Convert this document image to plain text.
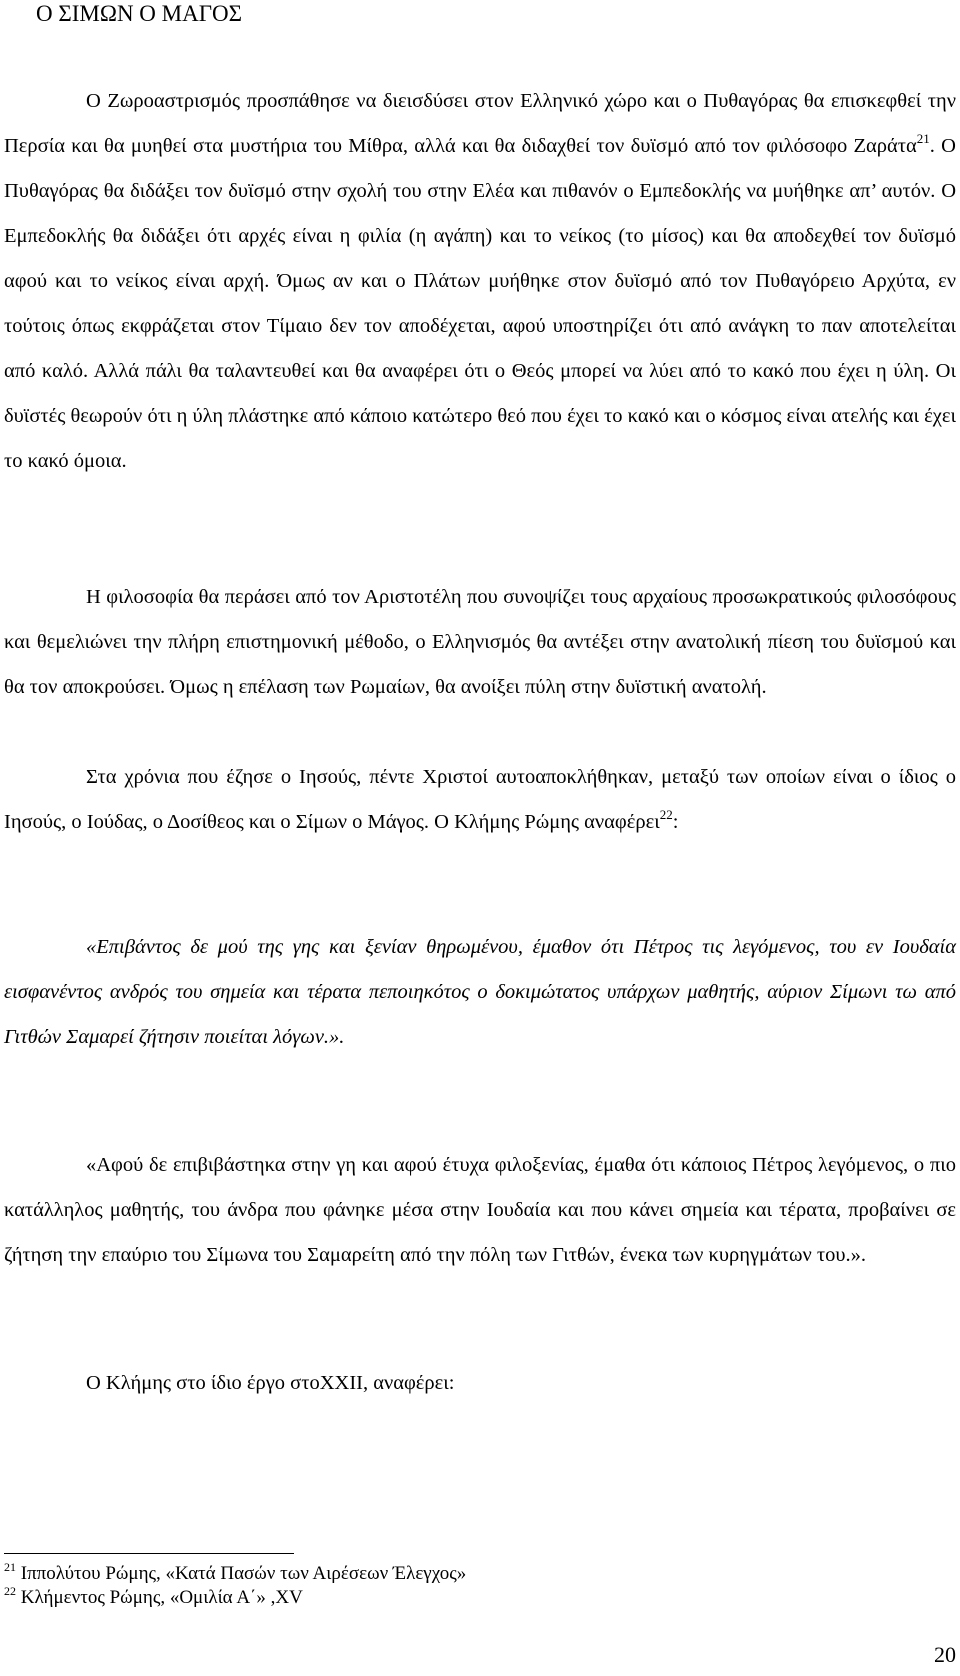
Ο ΣΙΜΩΝ Ο ΜΑΓΟΣ

Ο Ζωροαστρισμός προσπάθησε να διεισδύσει στον Ελληνικό χώρο και ο Πυθαγόρας θα επισκεφθεί την Περσία και θα μυηθεί στα μυστήρια του Μίθρα, αλλά και θα διδαχθεί τον δυϊσμό από τον φιλόσοφο Ζαράτα$^{21}$. Ο Πυθαγόρας θα διδάξει τον δυϊσμό στην σχολή του στην Ελέα και πιθανόν ο Εμπεδοκλής να μυήθηκε απ’ αυτόν. Ο Εμπεδοκλής θα διδάξει ότι αρχές είναι η φιλία (η αγάπη) και το νείκος (το μίσος) και θα αποδεχθεί τον δυϊσμό αφού και το νείκος είναι αρχή. Όμως αν και ο Πλάτων μυήθηκε στον δυϊσμό από τον Πυθαγόρειο Αρχύτα, εν τούτοις όπως εκφράζεται στον Τίμαιο δεν τον αποδέχεται, αφού υποστηρίζει ότι από ανάγκη το παν αποτελείται από καλό. Αλλά πάλι θα ταλαντευθεί και θα αναφέρει ότι ο Θεός μπορεί να λύει από το κακό που έχει η ύλη. Οι δυϊστές θεωρούν ότι η ύλη πλάστηκε από κάποιο κατώτερο θεό που έχει το κακό και ο κόσμος είναι ατελής και έχει το κακό όμοια.

Η φιλοσοφία θα περάσει από τον Αριστοτέλη που συνοψίζει τους αρχαίους προσωκρατικούς φιλοσόφους και θεμελιώνει την πλήρη επιστημονική μέθοδο, ο Ελληνισμός θα αντέξει στην ανατολική πίεση του δυϊσμού και θα τον αποκρούσει. Όμως η επέλαση των Ρωμαίων, θα ανοίξει πύλη στην δυϊστική ανατολή.

Στα χρόνια που έζησε ο Ιησούς, πέντε Χριστοί αυτοαποκλήθηκαν, μεταξύ των οποίων είναι ο ίδιος ο Ιησούς, ο Ιούδας, ο Δοσίθεος και ο Σίμων ο Μάγος. Ο Κλήμης Ρώμης αναφέρει$^{22}$:

«Επιβάντος δε μού της γης και ξενίαν θηρωμένου, έμαθον ότι Πέτρος τις λεγόμενος, του εν Ιουδαία εισφανέντος ανδρός του σημεία και τέρατα πεποιηκότος ο δοκιμώτατος υπάρχων μαθητής, αύριον Σίμωνι τω από Γιτθών Σαμαρεί ζήτησιν ποιείται λόγων.».

«Αφού δε επιβιβάστηκα στην γη και αφού έτυχα φιλοξενίας, έμαθα ότι κάποιος Πέτρος λεγόμενος, ο πιο κατάλληλος μαθητής, του άνδρα που φάνηκε μέσα στην Ιουδαία και που κάνει σημεία και τέρατα, προβαίνει σε ζήτηση την επαύριο του Σίμωνα του Σαμαρείτη από την πόλη των Γιτθών, ένεκα των κυρηγμάτων του.».

Ο Κλήμης στο ίδιο έργο στοXXII, αναφέρει:

$^{21}$ Ιππολύτου Ρώμης, «Κατά Πασών των Αιρέσεων Έλεγχος»
$^{22}$ Κλήμεντος Ρώμης, «Ομιλία Α΄» ,XV
20
